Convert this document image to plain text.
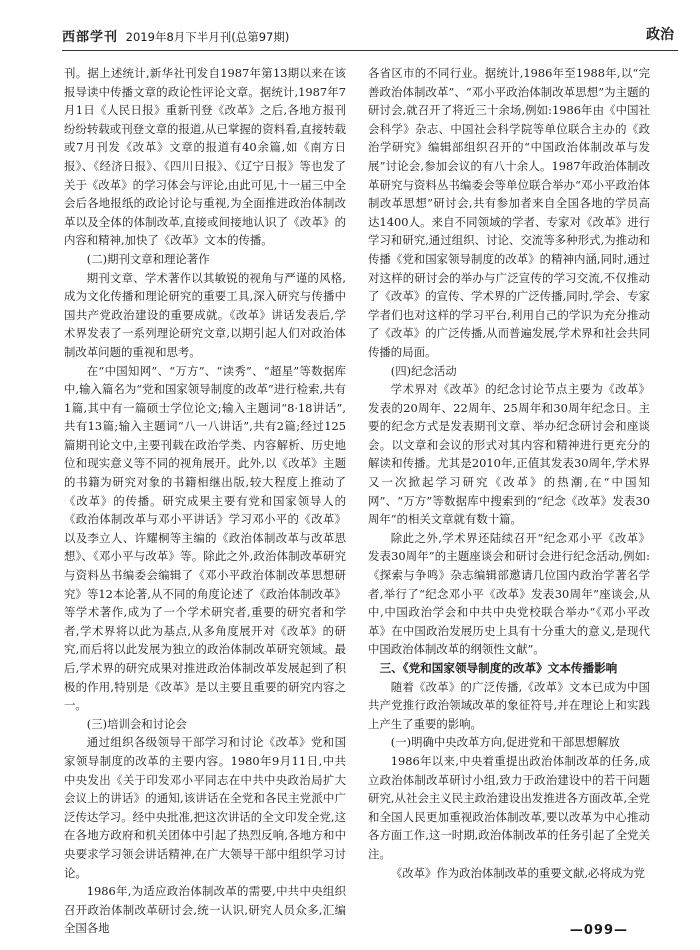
西部学刊 2019年8月下半月刊(总第97期)	政治

刊。据上述统计,新华社刊发自1987年第13期以来在该报导读中传播文章的政论性评论文章。据统计,1987年7月1日《人民日报》重新刊登《改革》之后,各地方报刊纷纷转载或刊登文章的报道,从已掌握的资料看,直接转载或7月刊发《改革》文章的报道有40余篇,如《南方日报》、《经济日报》、《四川日报》、《辽宁日报》等也发了关于《改革》的学习体会与评论,由此可见,十一届三中全会后各地报纸的政论讨论与重视,为全面推进政治体制改革以及全体的体制改革,直接或间接地认识了《改革》的内容和精神,加快了《改革》文本的传播。

(二)期刊文章和理论著作

期刊文章、学术著作以其敏锐的视角与严谨的风格,成为文化传播和理论研究的重要工具,深入研究与传播中国共产党政治建设的重要成就。《改革》讲话发表后,学术界发表了一系列理论研究文章,以期引起人们对政治体制改革问题的重视和思考。

在“中国知网”、“万方”、“读秀”、“超星”等数据库中,输入篇名为“党和国家领导制度的改革”进行检索,共有1篇,其中有一篇硕士学位论文;输入主题词“8·18讲话”,共有13篇;输入主题词“八一八讲话”,共有2篇;经过125篇期刊论文中,主要刊载在政治学类、内容解析、历史地位和现实意义等不同的视角展开。此外,以《改革》主题的书籍为研究对象的书籍相继出版,较大程度上推动了《改革》的传播。研究成果主要有党和国家领导人的《政治体制改革与邓小平讲话》学习邓小平的《改革》以及李立人、许耀桐等主编的《政治体制改革与改革思想》、《邓小平与改革》等。除此之外,政治体制改革研究与资料丛书编委会编辑了《邓小平政治体制改革思想研究》等12本论著,从不同的角度论述了《政治体制改革》等学术著作,成为了一个学术研究者,重要的研究者和学者,学术界将以此为基点,从多角度展开对《改革》的研究,而后将以此发展为独立的政治体制改革研究领域。最后,学术界的研究成果对推进政治体制改革发展起到了积极的作用,特别是《改革》是以主要且重要的研究内容之一。

(三)培训会和讨论会

通过组织各级领导干部学习和讨论《改革》党和国家领导制度的改革的主要内容。1980年9月11日,中共中央发出《关于印发邓小平同志在中共中央政治局扩大会议上的讲话》的通知,该讲话在全党和各民主党派中广泛传达学习。经中央批准,把这次讲话的全文印发全党,这在各地方政府和机关团体中引起了热烈反响,各地方和中央要求学习领会讲话精神,在广大领导干部中组织学习讨论。

1986年,为适应政治体制改革的需要,中共中央组织召开政治体制改革研讨会,统一认识,研究人员众多,汇编全国各地

各省区市的不同行业。据统计,1986年至1988年,以“完善政治体制改革”、“邓小平政治体制改革思想”为主题的研讨会,就召开了将近三十余场,例如:1986年由《中国社会科学》杂志、中国社会科学院等单位联合主办的《政治学研究》编辑部组织召开的“中国政治体制改革与发展”讨论会,参加会议的有八十余人。1987年政治体制改革研究与资料丛书编委会等单位联合举办“邓小平政治体制改革思想”研讨会,共有参加者来自全国各地的学员高达1400人。来自不同领域的学者、专家对《改革》进行学习和研究,通过组织、讨论、交流等多种形式,为推动和传播《党和国家领导制度的改革》的精神内涵,同时,通过对这样的研讨会的举办与广泛宣传的学习交流,不仅推动了《改革》的宣传、学术界的广泛传播,同时,学会、专家学者们也对这样的学习平台,利用自己的学识为充分推动了《改革》的广泛传播,从而普遍发展,学术界和社会共同传播的局面。

(四)纪念活动

学术界对《改革》的纪念讨论节点主要为《改革》发表的20周年、22周年、25周年和30周年纪念日。主要的纪念方式是发表期刊文章、举办纪念研讨会和座谈会。以文章和会议的形式对其内容和精神进行更充分的解读和传播。尤其是2010年,正值其发表30周年,学术界又一次掀起学习研究《改革》的热潮,在“中国知网”、“万方”等数据库中搜索到的“纪念《改革》发表30周年”的相关文章就有数十篇。

除此之外,学术界还陆续召开“纪念邓小平《改革》发表30周年”的主题座谈会和研讨会进行纪念活动,例如:《探索与争鸣》杂志编辑部邀请几位国内政治学著名学者,举行了“纪念邓小平《改革》发表30周年”座谈会,从中,中国政治学会和中共中央党校联合举办“《邓小平改革》在中国政治发展历史上具有十分重大的意义,是现代中国政治体制改革的纲领性文献”。

三、《党和国家领导制度的改革》文本传播影响

随着《改革》的广泛传播,《改革》文本已成为中国共产党推行政治领域改革的象征符号,并在理论上和实践上产生了重要的影响。

(一)明确中央改革方向,促进党和干部思想解放

1986年以来,中央着重提出政治体制改革的任务,成立政治体制改革研讨小组,致力于政治建设中的若干问题研究,从社会主义民主政治建设出发推进各方面改革,全党和全国人民更加重视政治体制改革,要以改革为中心推动各方面工作,这一时期,政治体制改革的任务引起了全党关注。

《改革》作为政治体制改革的重要文献,必将成为党

—099—
